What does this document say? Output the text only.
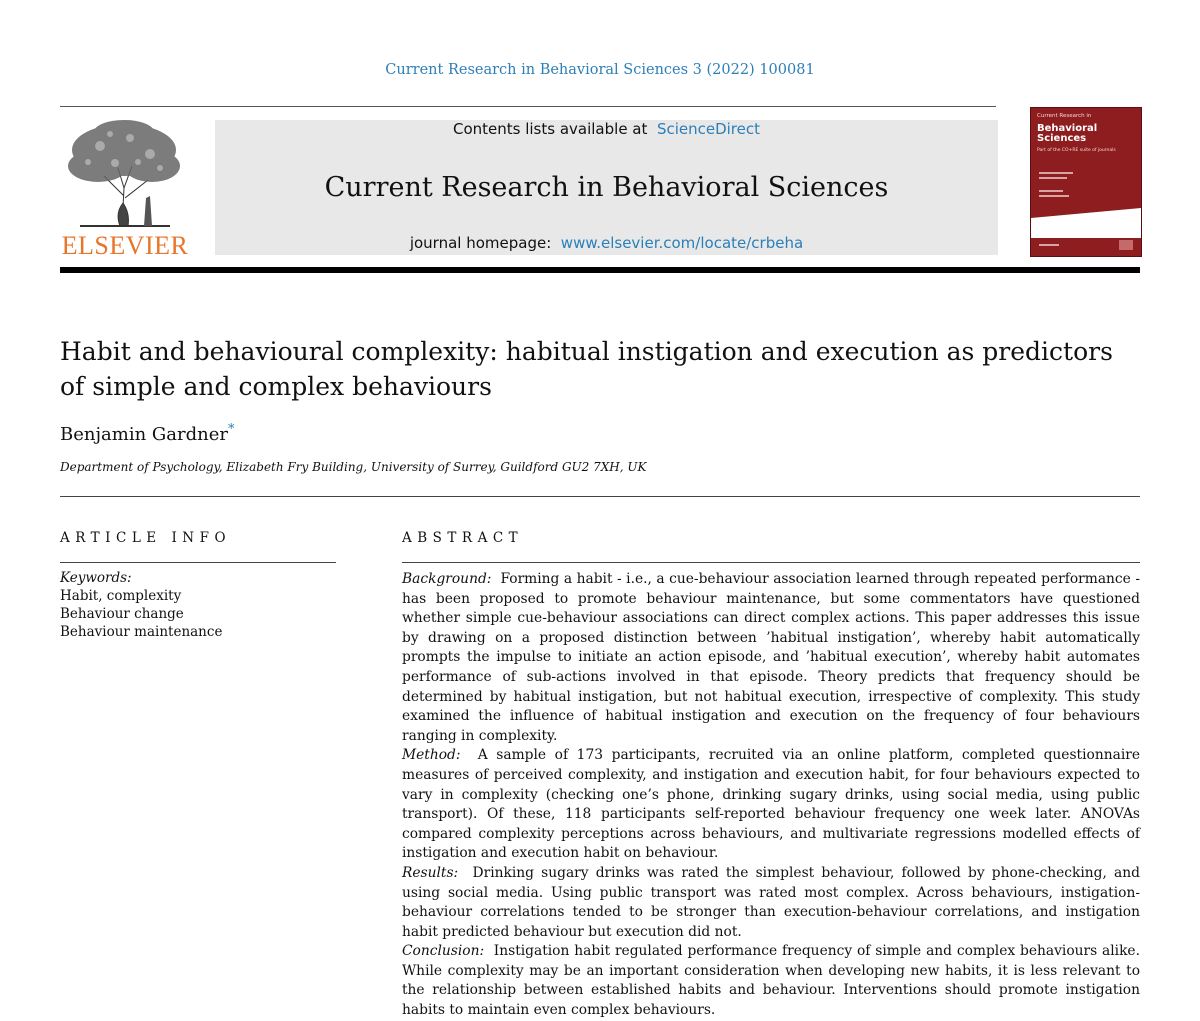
Current Research in Behavioral Sciences 3 (2022) 100081
ELSEVIER
Contents lists available at ScienceDirect
Current Research in Behavioral Sciences
journal homepage: www.elsevier.com/locate/crbeha
Current Research in
Behavioral
Sciences
Part of the CO+RE suite of journals
Habit and behavioural complexity: habitual instigation and execution as predictors of simple and complex behaviours
Benjamin Gardner*
Department of Psychology, Elizabeth Fry Building, University of Surrey, Guildford GU2 7XH, UK
ARTICLE INFO
Keywords:
Habit, complexity
Behaviour change
Behaviour maintenance
ABSTRACT

Background: Forming a habit - i.e., a cue-behaviour association learned through repeated performance - has been proposed to promote behaviour maintenance, but some commentators have questioned whether simple cue-behaviour associations can direct complex actions. This paper addresses this issue by drawing on a proposed distinction between ’habitual instigation’, whereby habit automatically prompts the impulse to initiate an action episode, and ’habitual execution’, whereby habit automates performance of sub-actions involved in that episode. Theory predicts that frequency should be determined by habitual instigation, but not habitual execution, irrespective of complexity. This study examined the influence of habitual instigation and execution on the frequency of four behaviours ranging in complexity.

Method: A sample of 173 participants, recruited via an online platform, completed questionnaire measures of perceived complexity, and instigation and execution habit, for four behaviours expected to vary in complexity (checking one’s phone, drinking sugary drinks, using social media, using public transport). Of these, 118 participants self-reported behaviour frequency one week later. ANOVAs compared complexity perceptions across behaviours, and multivariate regressions modelled effects of instigation and execution habit on behaviour.

Results: Drinking sugary drinks was rated the simplest behaviour, followed by phone-checking, and using social media. Using public transport was rated most complex. Across behaviours, instigation-behaviour correlations tended to be stronger than execution-behaviour correlations, and instigation habit predicted behaviour but execution did not.

Conclusion: Instigation habit regulated performance frequency of simple and complex behaviours alike. While complexity may be an important consideration when developing new habits, it is less relevant to the relationship between established habits and behaviour. Interventions should promote instigation habits to maintain even complex behaviours.
